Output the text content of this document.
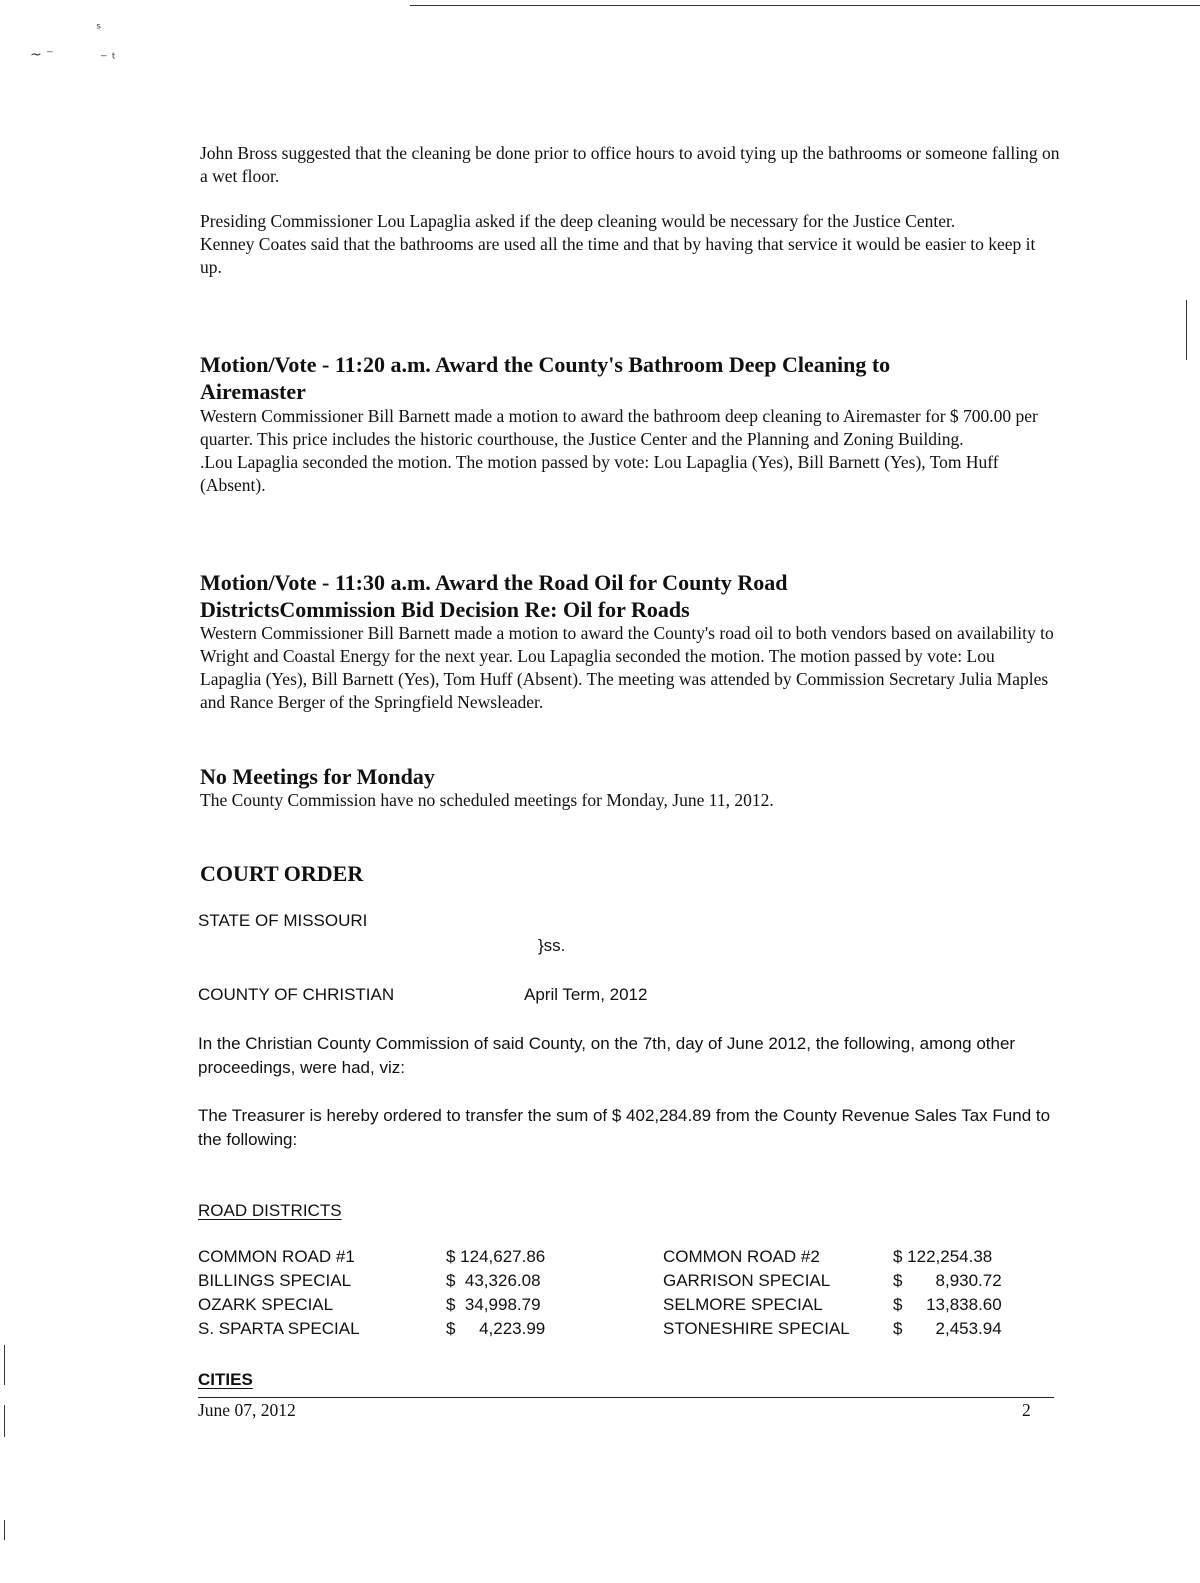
ˢ
~ ⁻	⁻ ᵗ

John Bross suggested that the cleaning be done prior to office hours to avoid tying up the bathrooms or someone falling on a wet floor.

Presiding Commissioner Lou Lapaglia asked if the deep cleaning would be necessary for the Justice Center.

Kenney Coates said that the bathrooms are used all the time and that by having that service it would be easier to keep it up.

Motion/Vote - 11:20 a.m. Award the County's Bathroom Deep Cleaning to
Airemaster

Western Commissioner Bill Barnett made a motion to award the bathroom deep cleaning to Airemaster for $ 700.00 per quarter. This price includes the historic courthouse, the Justice Center and the Planning and Zoning Building.

.Lou Lapaglia seconded the motion. The motion passed by vote: Lou Lapaglia (Yes), Bill Barnett (Yes), Tom Huff (Absent).

Motion/Vote - 11:30 a.m. Award the Road Oil for County Road
DistrictsCommission Bid Decision Re: Oil for Roads

Western Commissioner Bill Barnett made a motion to award the County's road oil to both vendors based on availability to Wright and Coastal Energy for the next year. Lou Lapaglia seconded the motion. The motion passed by vote: Lou Lapaglia (Yes), Bill Barnett (Yes), Tom Huff (Absent). The meeting was attended by Commission Secretary Julia Maples and Rance Berger of the Springfield Newsleader.

No Meetings for Monday

The County Commission have no scheduled meetings for Monday, June 11, 2012.

COURT ORDER
STATE OF MISSOURI
}ss.
COUNTY OF CHRISTIAN	April Term, 2012
In the Christian County Commission of said County, on the 7th, day of June 2012, the following, among other proceedings, were had, viz:
The Treasurer is hereby ordered to transfer the sum of $ 402,284.89 from the County Revenue Sales Tax Fund to the following:
ROAD DISTRICTS
COMMON ROAD #1	$ 124,627.86	COMMON ROAD #2	$ 122,254.38
BILLINGS SPECIAL	$  43,326.08	GARRISON SPECIAL	$       8,930.72
OZARK SPECIAL	$  34,998.79	SELMORE SPECIAL	$     13,838.60
S. SPARTA SPECIAL	$     4,223.99	STONESHIRE SPECIAL	$       2,453.94
CITIES
June 07, 2012	2
